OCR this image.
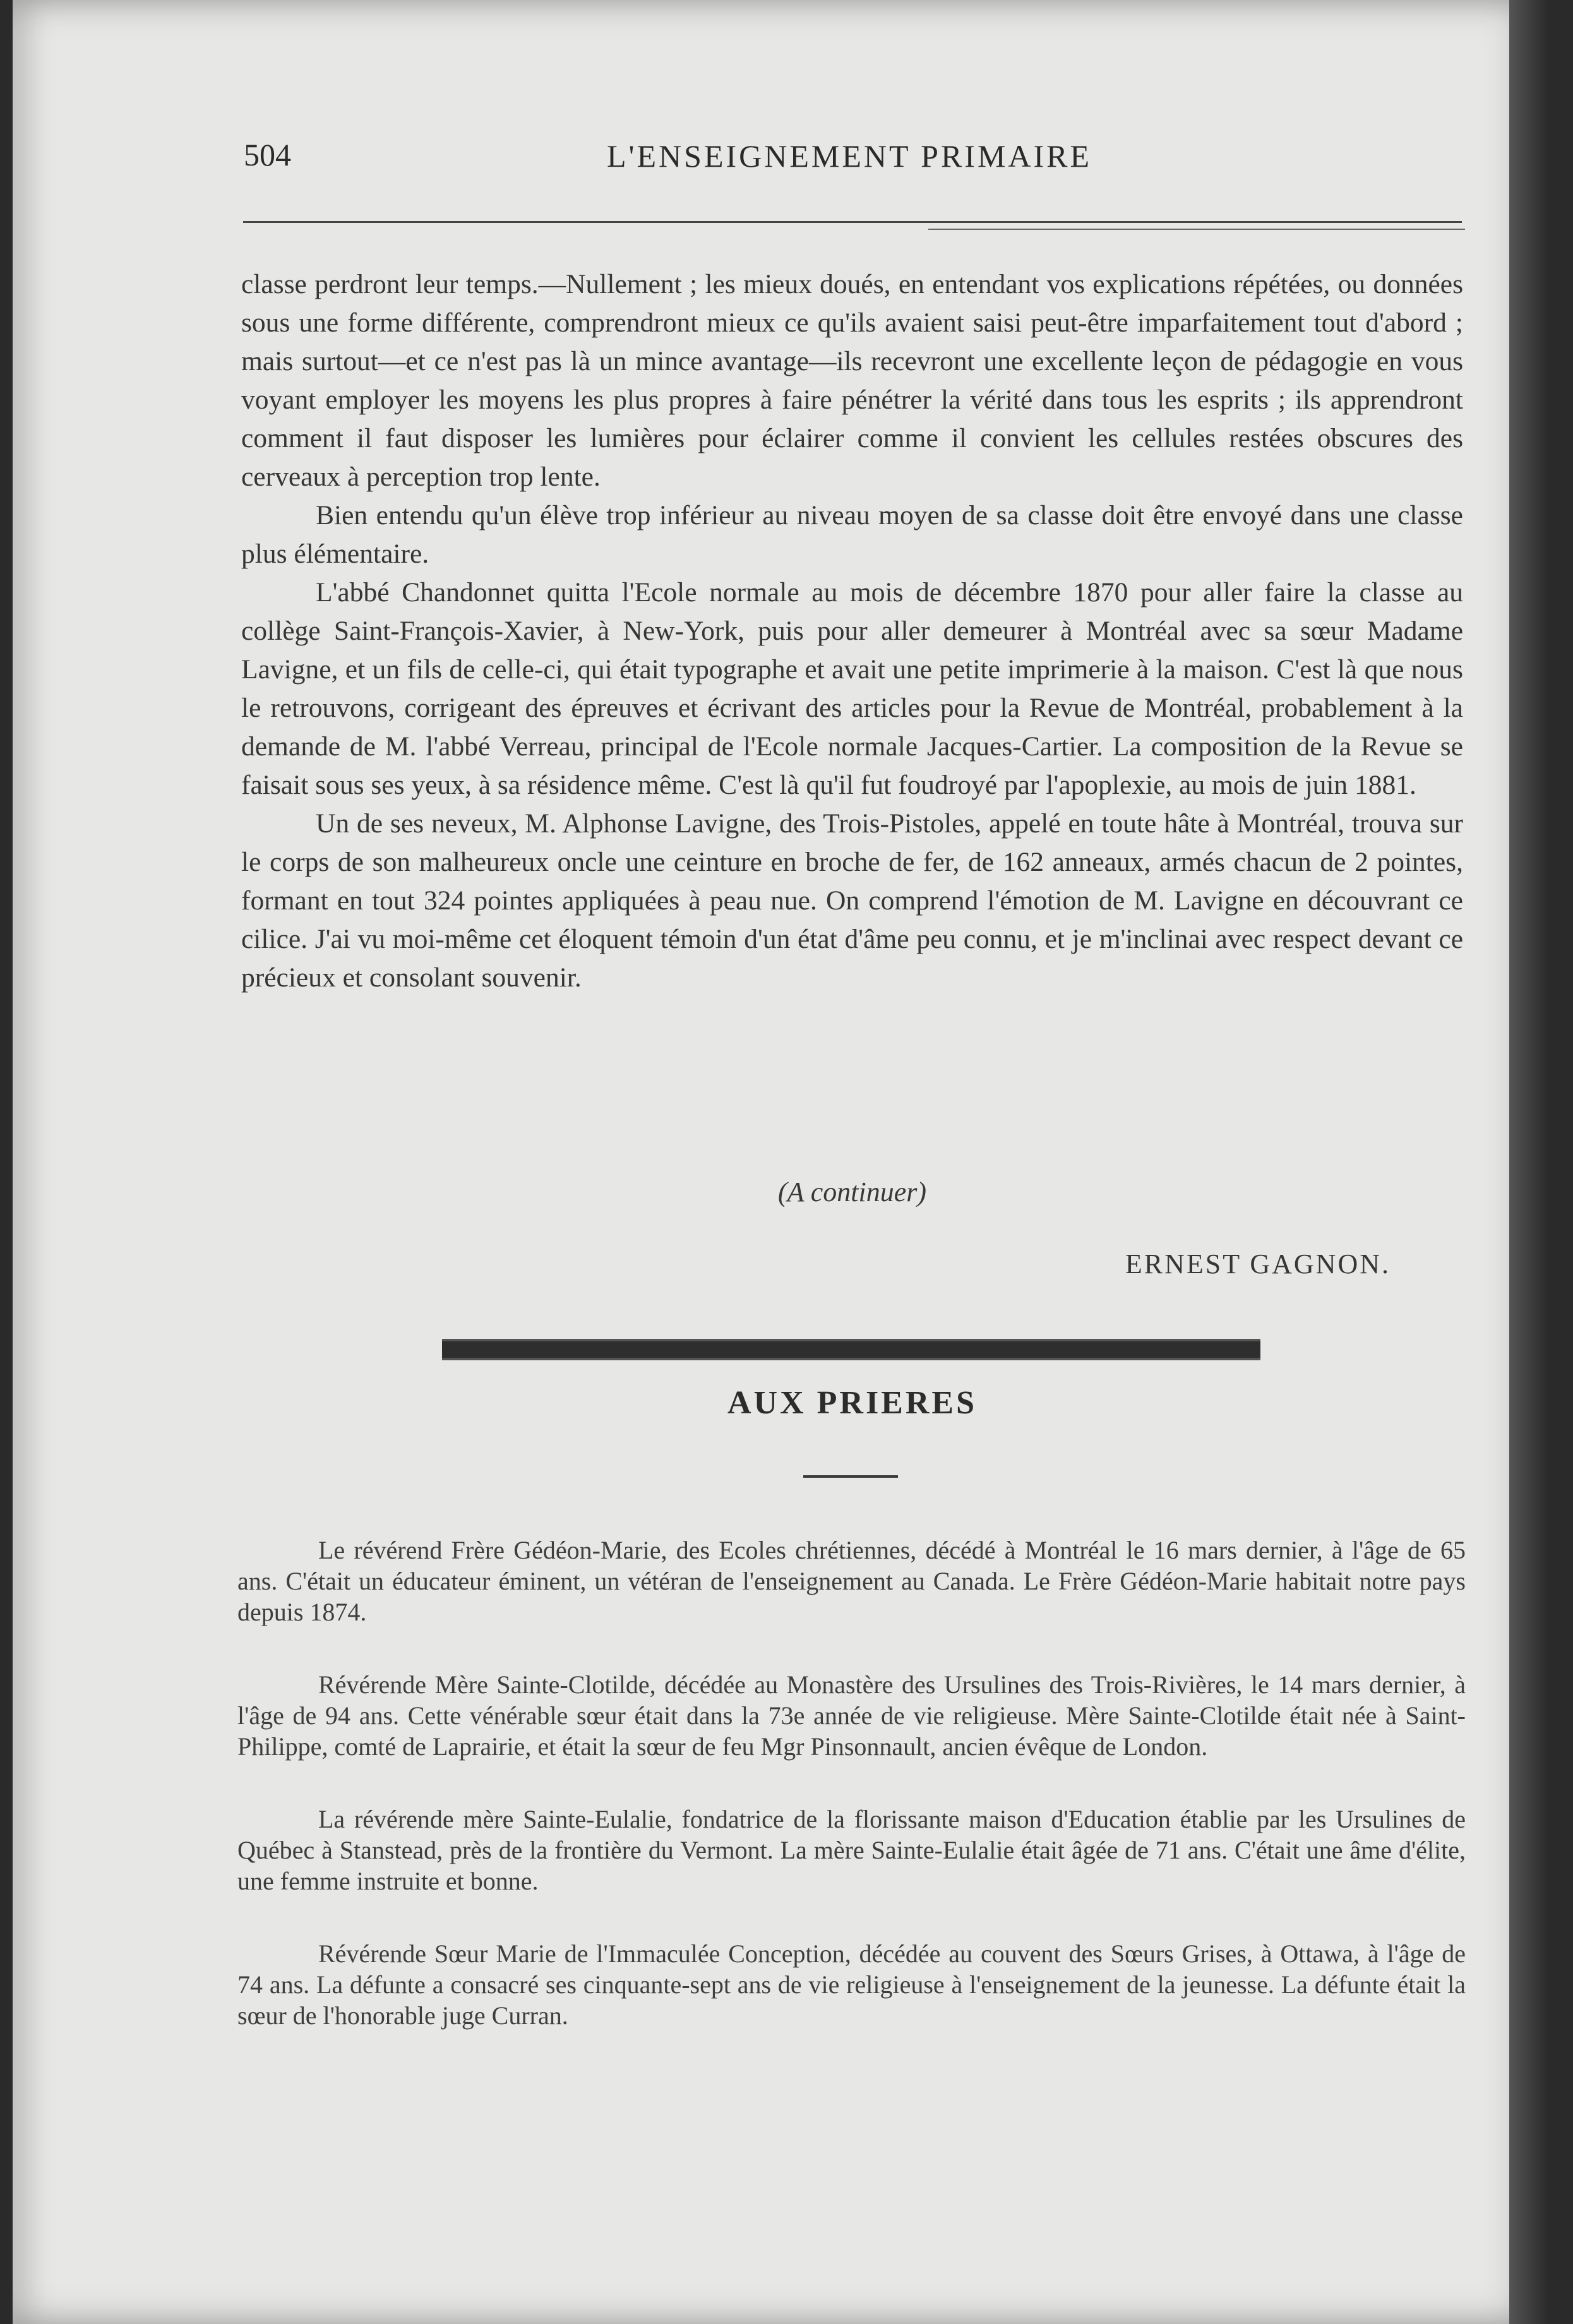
504	L'ENSEIGNEMENT PRIMAIRE

classe perdront leur temps.—Nullement ; les mieux doués, en entendant vos explications répétées, ou données sous une forme différente, comprendront mieux ce qu'ils avaient saisi peut-être imparfaitement tout d'abord ; mais surtout—et ce n'est pas là un mince avantage—ils recevront une excellente leçon de pédagogie en vous voyant employer les moyens les plus propres à faire pénétrer la vérité dans tous les esprits ; ils apprendront comment il faut disposer les lumières pour éclairer comme il convient les cellules restées obscures des cerveaux à perception trop lente.

Bien entendu qu'un élève trop inférieur au niveau moyen de sa classe doit être envoyé dans une classe plus élémentaire.

L'abbé Chandonnet quitta l'Ecole normale au mois de décembre 1870 pour aller faire la classe au collège Saint-François-Xavier, à New-York, puis pour aller demeurer à Montréal avec sa sœur Madame Lavigne, et un fils de celle-ci, qui était typographe et avait une petite imprimerie à la maison. C'est là que nous le retrouvons, corrigeant des épreuves et écrivant des articles pour la Revue de Montréal, probablement à la demande de M. l'abbé Verreau, principal de l'Ecole normale Jacques-Cartier. La composition de la Revue se faisait sous ses yeux, à sa résidence même. C'est là qu'il fut foudroyé par l'apoplexie, au mois de juin 1881.

Un de ses neveux, M. Alphonse Lavigne, des Trois-Pistoles, appelé en toute hâte à Montréal, trouva sur le corps de son malheureux oncle une ceinture en broche de fer, de 162 anneaux, armés chacun de 2 pointes, formant en tout 324 pointes appliquées à peau nue. On comprend l'émotion de M. Lavigne en découvrant ce cilice. J'ai vu moi-même cet éloquent témoin d'un état d'âme peu connu, et je m'inclinai avec respect devant ce précieux et consolant souvenir.

(A continuer)
ERNEST GAGNON.
AUX PRIERES

Le révérend Frère Gédéon-Marie, des Ecoles chrétiennes, décédé à Montréal le 16 mars dernier, à l'âge de 65 ans. C'était un éducateur éminent, un vétéran de l'enseignement au Canada. Le Frère Gédéon-Marie habitait notre pays depuis 1874.

Révérende Mère Sainte-Clotilde, décédée au Monastère des Ursulines des Trois-Rivières, le 14 mars dernier, à l'âge de 94 ans. Cette vénérable sœur était dans la 73e année de vie religieuse. Mère Sainte-Clotilde était née à Saint-Philippe, comté de Laprairie, et était la sœur de feu Mgr Pinsonnault, ancien évêque de London.

La révérende mère Sainte-Eulalie, fondatrice de la florissante maison d'Education établie par les Ursulines de Québec à Stanstead, près de la frontière du Vermont. La mère Sainte-Eulalie était âgée de 71 ans. C'était une âme d'élite, une femme instruite et bonne.

Révérende Sœur Marie de l'Immaculée Conception, décédée au couvent des Sœurs Grises, à Ottawa, à l'âge de 74 ans. La défunte a consacré ses cinquante-sept ans de vie religieuse à l'enseignement de la jeunesse. La défunte était la sœur de l'honorable juge Curran.
